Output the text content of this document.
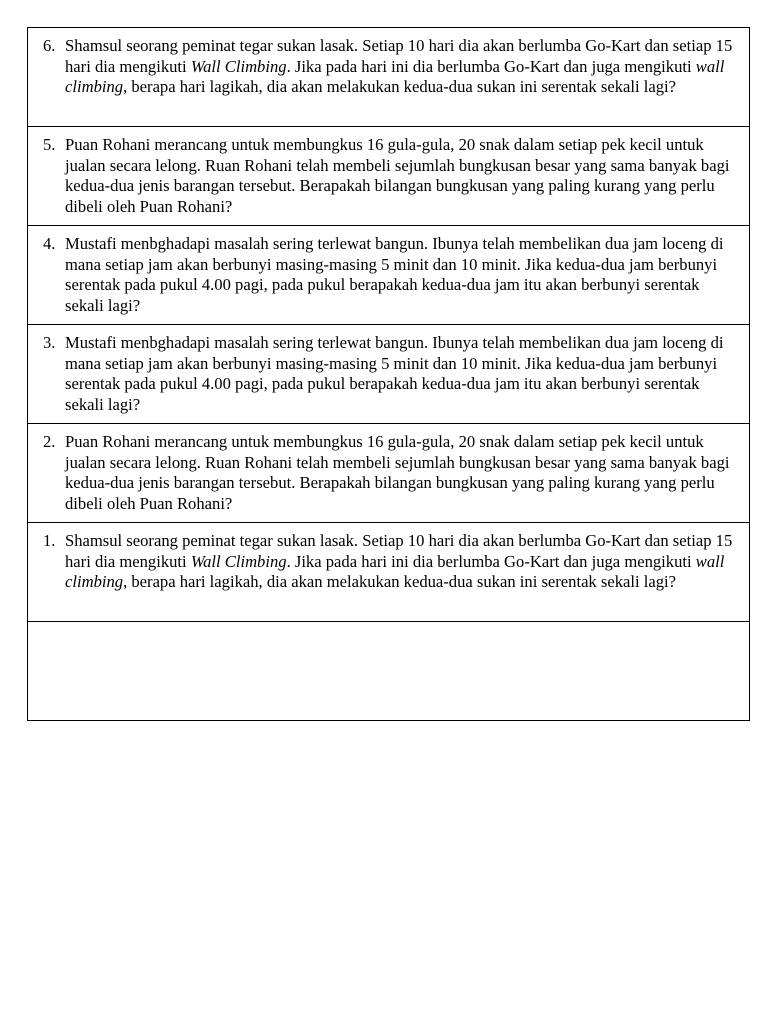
6. Shamsul seorang peminat tegar sukan lasak. Setiap 10 hari dia akan berlumba Go-Kart dan setiap 15 hari dia mengikuti Wall Climbing. Jika pada hari ini dia berlumba Go-Kart dan juga mengikuti wall climbing, berapa hari lagikah, dia akan melakukan kedua-dua sukan ini serentak sekali lagi?

5. Puan Rohani merancang untuk membungkus 16 gula-gula, 20 snak dalam setiap pek kecil untuk jualan secara lelong. Ruan Rohani telah membeli sejumlah bungkusan besar yang sama banyak bagi kedua-dua jenis barangan tersebut. Berapakah bilangan bungkusan yang paling kurang yang perlu dibeli oleh Puan Rohani?

4. Mustafi menbghadapi masalah sering terlewat bangun. Ibunya telah membelikan dua jam loceng di mana setiap jam akan berbunyi masing-masing 5 minit dan 10 minit. Jika kedua-dua jam berbunyi serentak pada pukul 4.00 pagi, pada pukul berapakah kedua-dua jam itu akan berbunyi serentak sekali lagi?

3. Mustafi menbghadapi masalah sering terlewat bangun. Ibunya telah membelikan dua jam loceng di mana setiap jam akan berbunyi masing-masing 5 minit dan 10 minit. Jika kedua-dua jam berbunyi serentak pada pukul 4.00 pagi, pada pukul berapakah kedua-dua jam itu akan berbunyi serentak sekali lagi?

2. Puan Rohani merancang untuk membungkus 16 gula-gula, 20 snak dalam setiap pek kecil untuk jualan secara lelong. Ruan Rohani telah membeli sejumlah bungkusan besar yang sama banyak bagi kedua-dua jenis barangan tersebut. Berapakah bilangan bungkusan yang paling kurang yang perlu dibeli oleh Puan Rohani?

1. Shamsul seorang peminat tegar sukan lasak. Setiap 10 hari dia akan berlumba Go-Kart dan setiap 15 hari dia mengikuti Wall Climbing. Jika pada hari ini dia berlumba Go-Kart dan juga mengikuti wall climbing, berapa hari lagikah, dia akan melakukan kedua-dua sukan ini serentak sekali lagi?
